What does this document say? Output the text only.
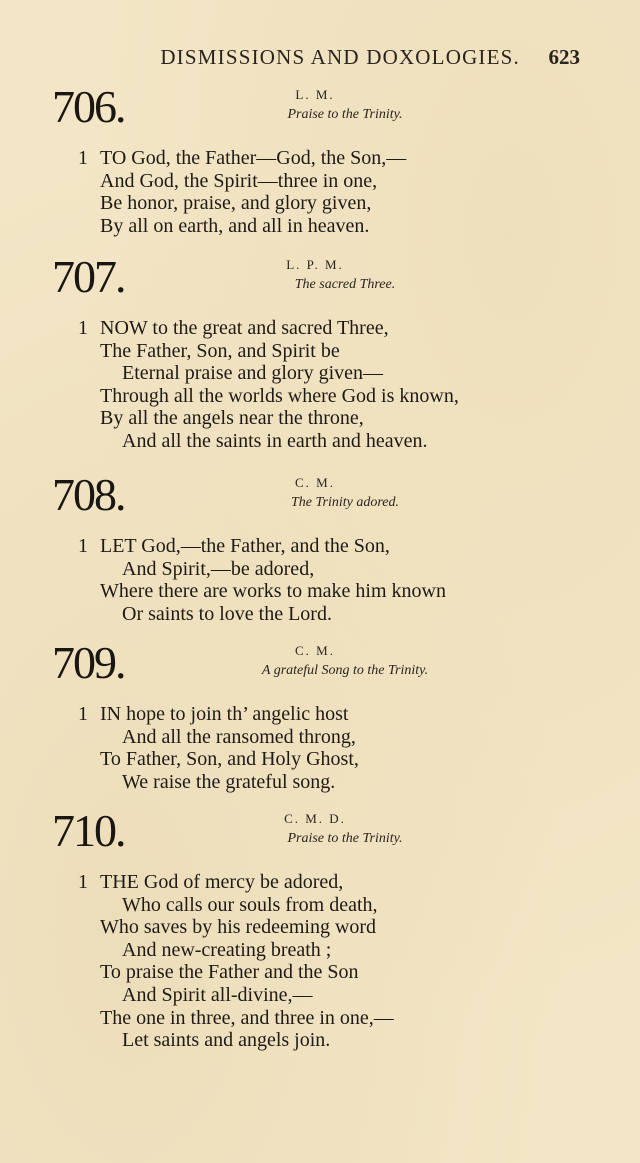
DISMISSIONS AND DOXOLOGIES. 623
706.	L. M.
Praise to the Trinity.
1 TO God, the Father—God, the Son,—
And God, the Spirit—three in one,
Be honor, praise, and glory given,
By all on earth, and all in heaven.
707.	L. P. M.
The sacred Three.
1 NOW to the great and sacred Three,
The Father, Son, and Spirit be
Eternal praise and glory given—
Through all the worlds where God is known,
By all the angels near the throne,
And all the saints in earth and heaven.
708.	C. M.
The Trinity adored.
1 LET God,—the Father, and the Son,
And Spirit,—be adored,
Where there are works to make him known
Or saints to love the Lord.
709.	C. M.
A grateful Song to the Trinity.
1 IN hope to join th’ angelic host
And all the ransomed throng,
To Father, Son, and Holy Ghost,
We raise the grateful song.
710.	C. M. D.
Praise to the Trinity.
1 THE God of mercy be adored,
Who calls our souls from death,
Who saves by his redeeming word
And new-creating breath ;
To praise the Father and the Son
And Spirit all-divine,—
The one in three, and three in one,—
Let saints and angels join.
